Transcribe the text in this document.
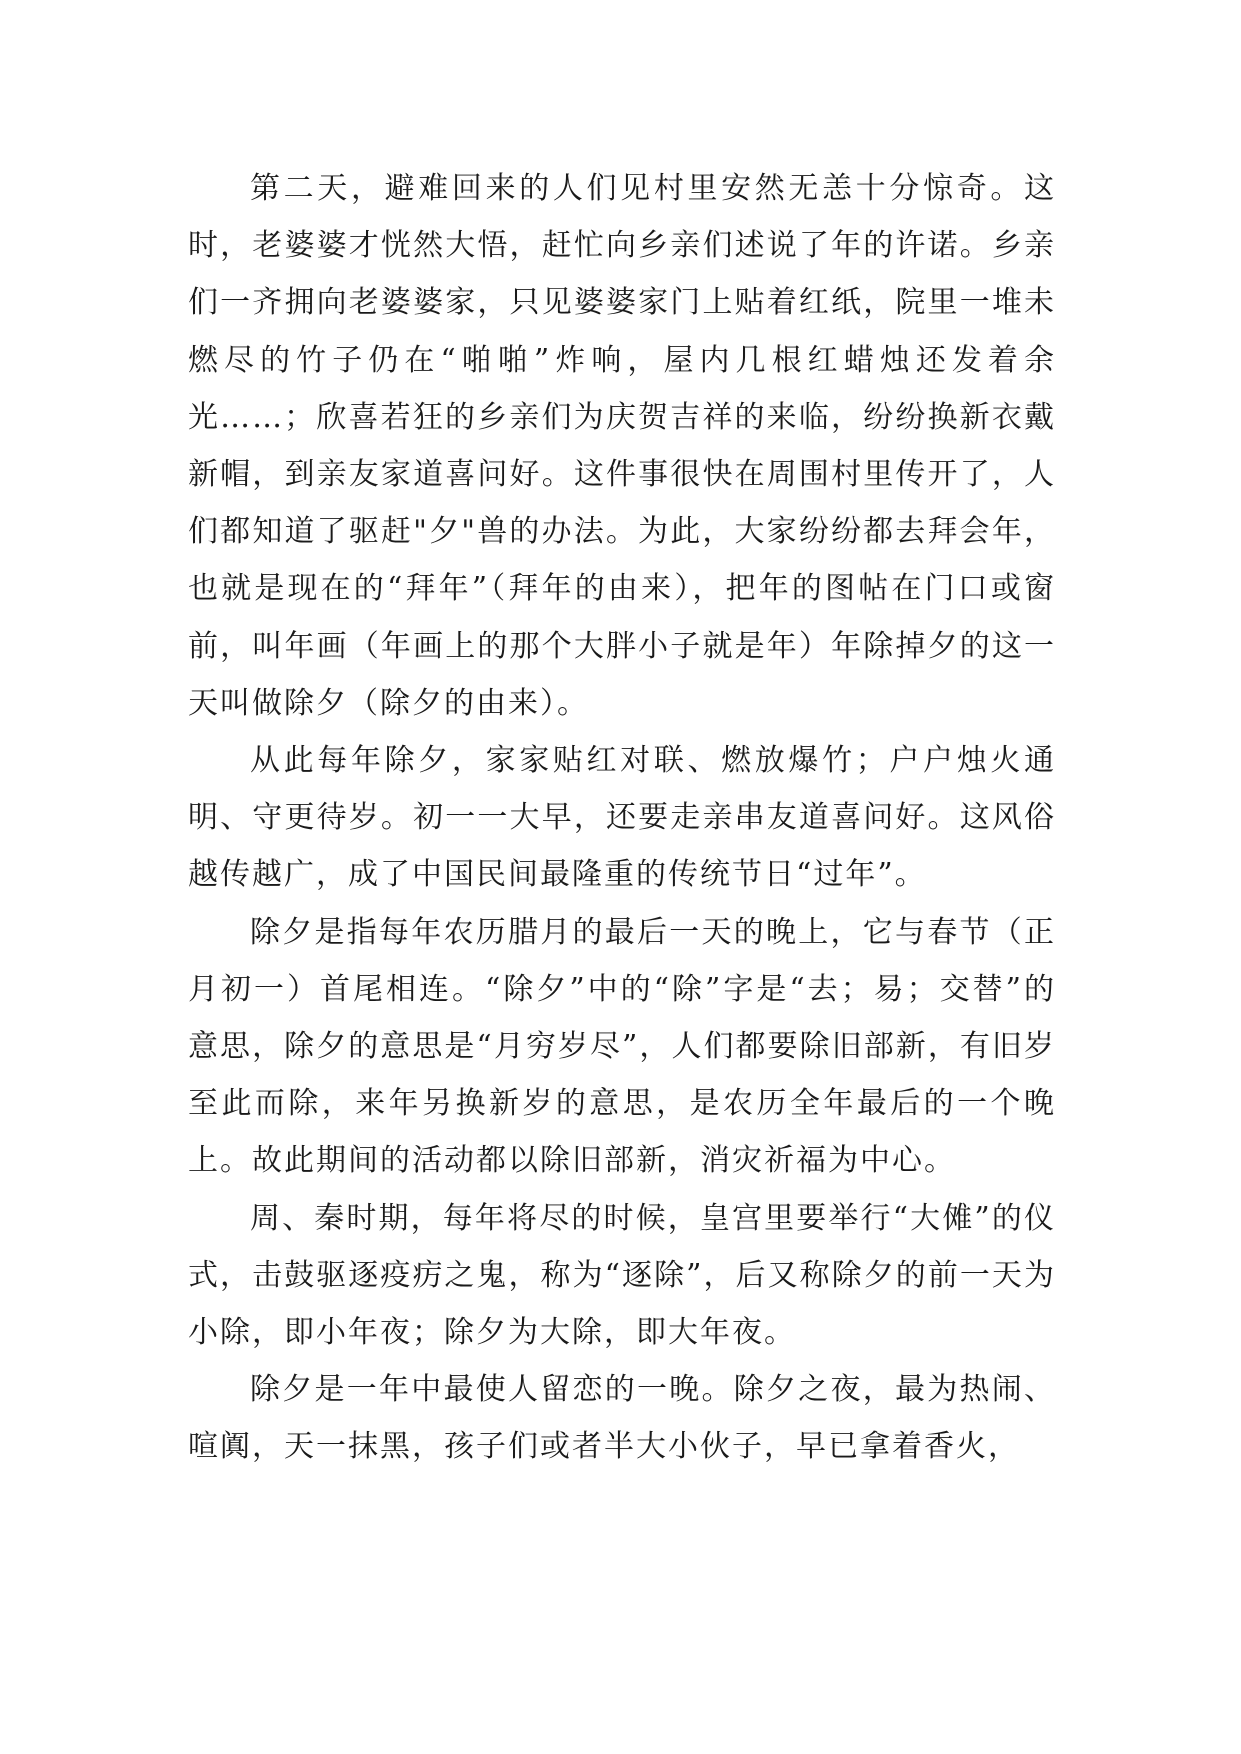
第二天，避难回来的人们见村里安然无恙十分惊奇。这时，老婆婆才恍然大悟，赶忙向乡亲们述说了年的许诺。乡亲们一齐拥向老婆婆家，只见婆婆家门上贴着红纸，院里一堆未燃尽的竹子仍在“啪啪”炸响，屋内几根红蜡烛还发着余光……；欣喜若狂的乡亲们为庆贺吉祥的来临，纷纷换新衣戴新帽，到亲友家道喜问好。这件事很快在周围村里传开了，人们都知道了驱赶"夕"兽的办法。为此，大家纷纷都去拜会年，也就是现在的“拜年”（拜年的由来），把年的图帖在门口或窗前，叫年画（年画上的那个大胖小子就是年）年除掉夕的这一天叫做除夕（除夕的由来）。

从此每年除夕，家家贴红对联、燃放爆竹；户户烛火通明、守更待岁。初一一大早，还要走亲串友道喜问好。这风俗越传越广，成了中国民间最隆重的传统节日“过年”。

除夕是指每年农历腊月的最后一天的晚上，它与春节（正月初一）首尾相连。“除夕”中的“除”字是“去；易；交替”的意思，除夕的意思是“月穷岁尽”，人们都要除旧部新，有旧岁至此而除，来年另换新岁的意思，是农历全年最后的一个晚上。故此期间的活动都以除旧部新，消灾祈福为中心。

周、秦时期，每年将尽的时候，皇宫里要举行“大傩”的仪式，击鼓驱逐疫疠之鬼，称为“逐除”，后又称除夕的前一天为小除，即小年夜；除夕为大除，即大年夜。

除夕是一年中最使人留恋的一晚。除夕之夜，最为热闹、喧阗，天一抹黑，孩子们或者半大小伙子，早已拿着香火，
